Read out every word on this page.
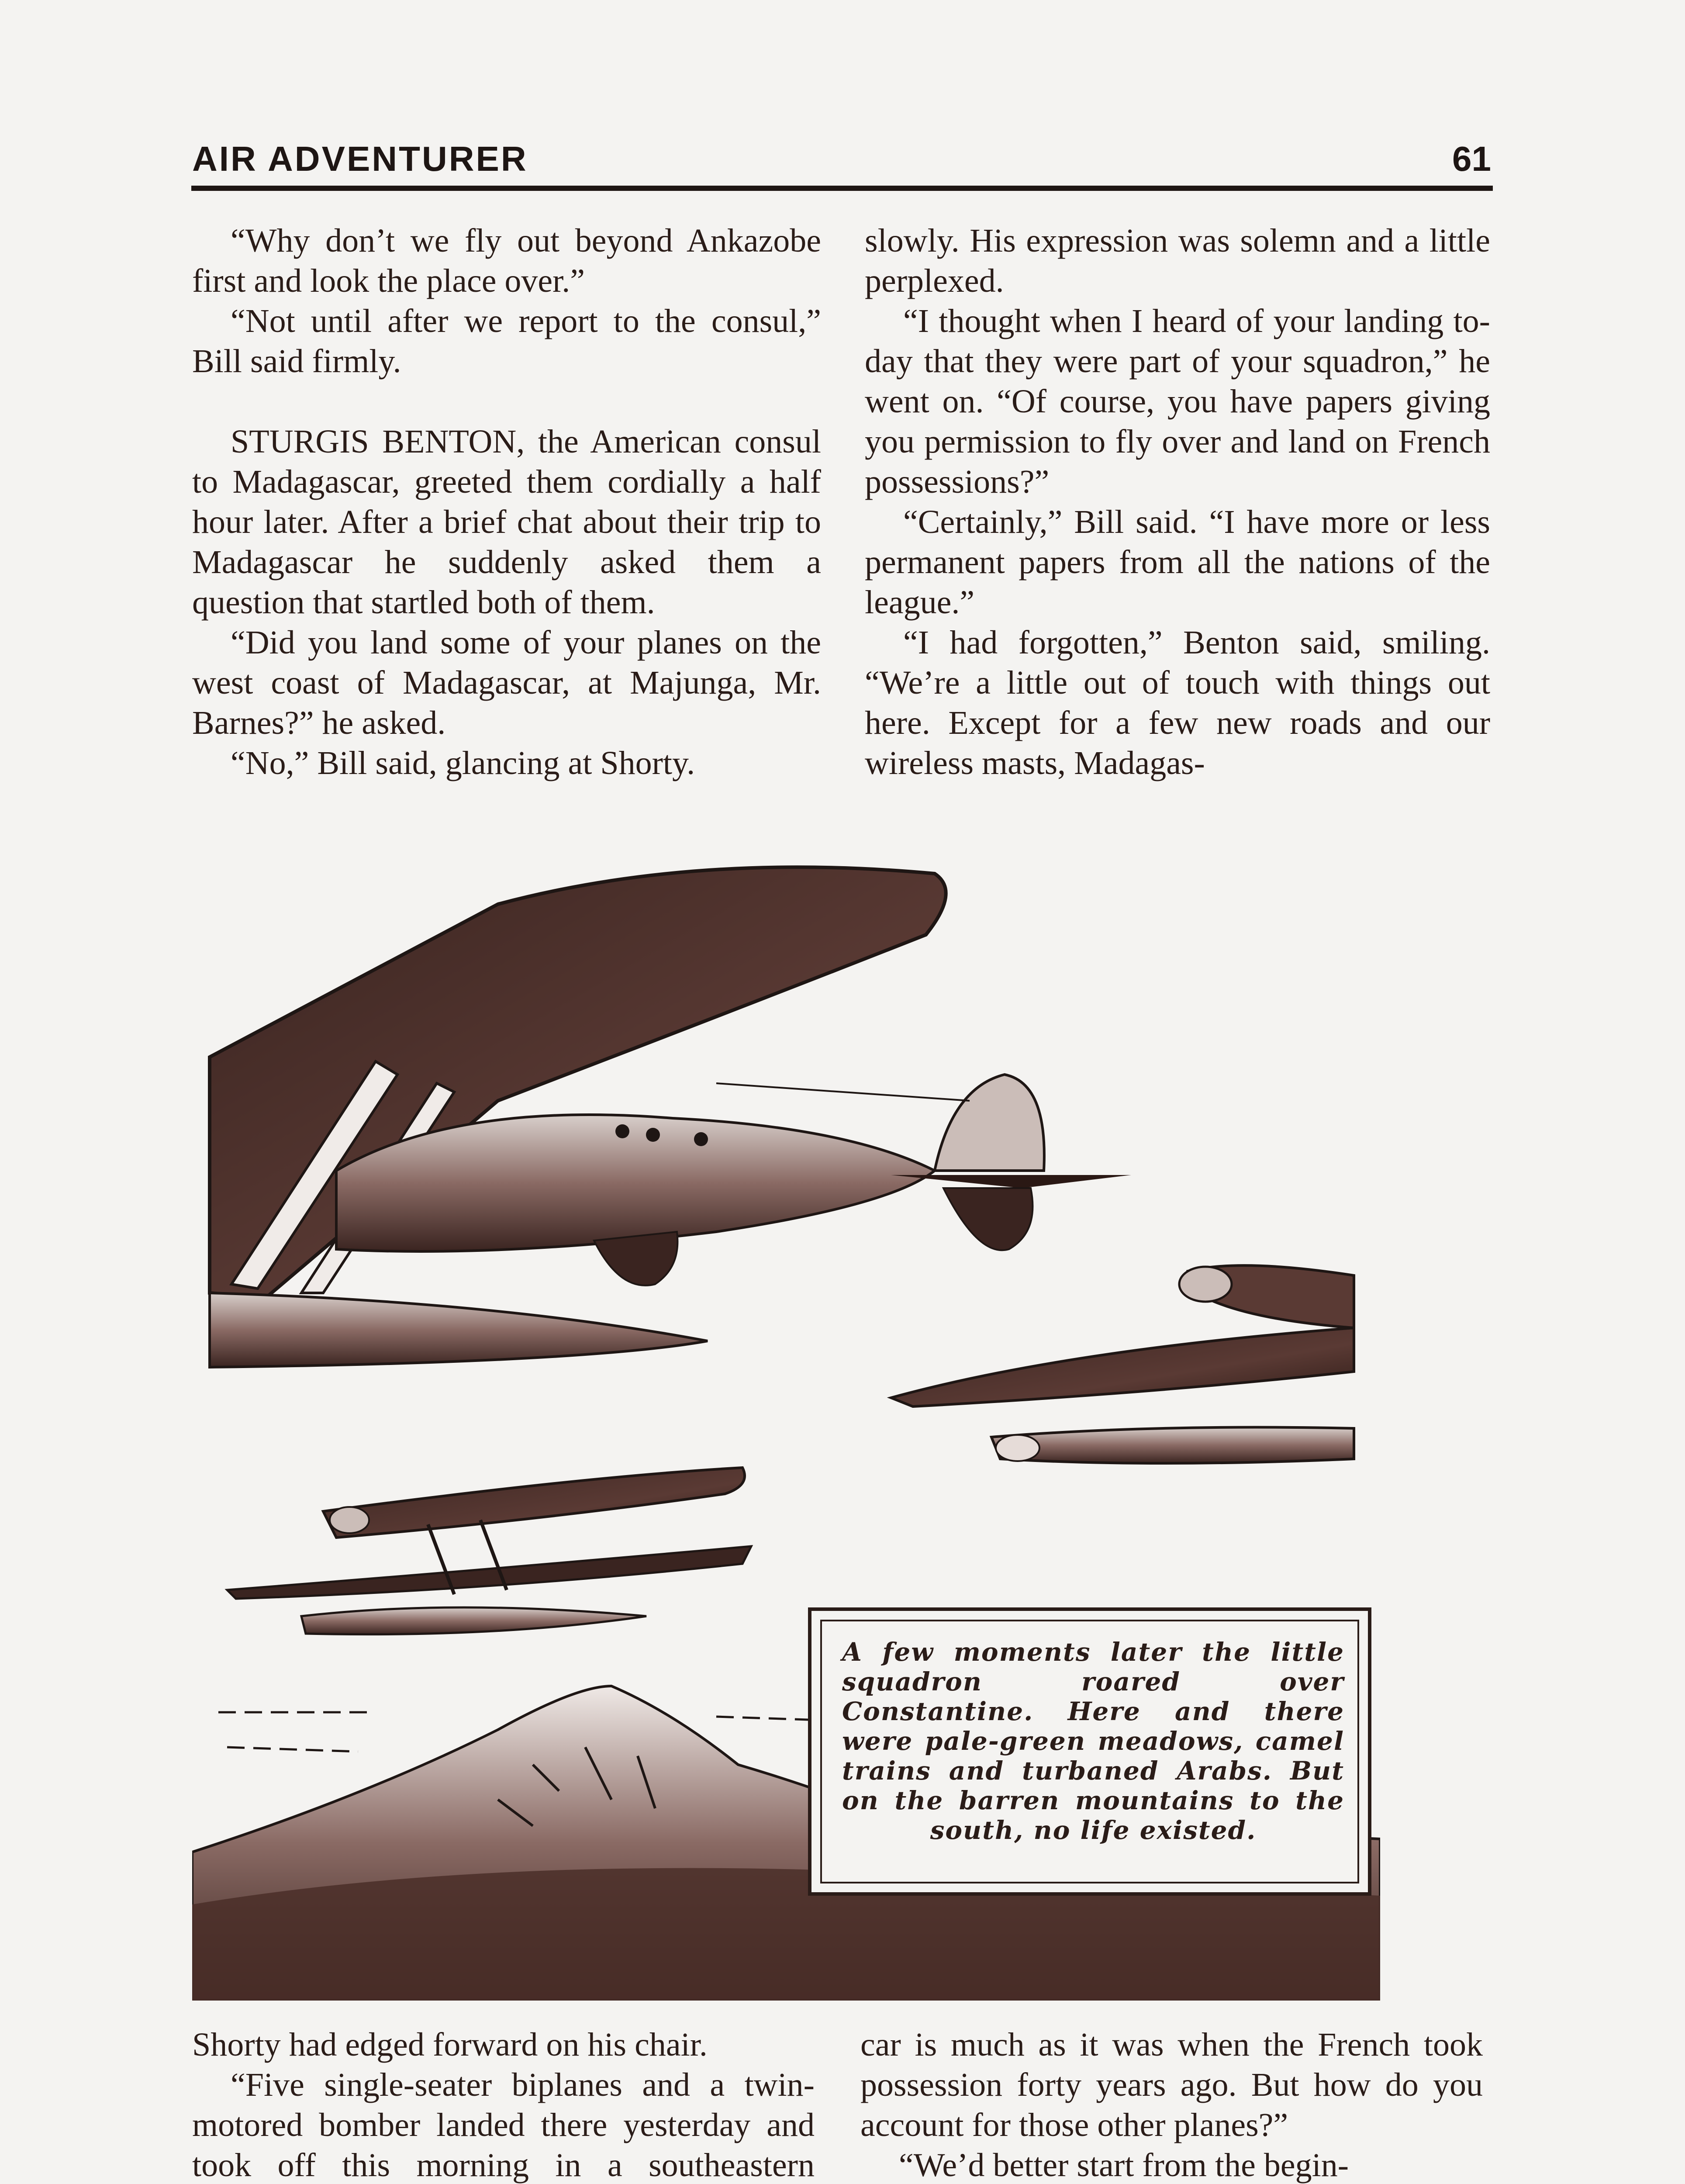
AIR ADVENTURER	61

“Why don’t we fly out beyond Ankazobe first and look the place over.”

“Not until after we report to the consul,” Bill said firmly.

STURGIS BENTON, the American consul to Madagascar, greeted them cordially a half hour later. After a brief chat about their trip to Madagascar he suddenly asked them a question that startled both of them.

“Did you land some of your planes on the west coast of Madagascar, at Majunga, Mr. Barnes?” he asked.

“No,” Bill said, glancing at Shorty.

slowly. His expression was solemn and a little perplexed.

“I thought when I heard of your landing to-day that they were part of your squadron,” he went on. “Of course, you have papers giving you permission to fly over and land on French possessions?”

“Certainly,” Bill said. “I have more or less permanent papers from all the nations of the league.”

“I had forgotten,” Benton said, smiling. “We’re a little out of touch with things out here. Except for a few new roads and our wireless masts, Madagas-

A few moments later the little squadron roared over Constantine. Here and there were pale-green meadows, camel trains and turbaned Arabs. But on the barren mountains to the south, no life existed.

Shorty had edged forward on his chair.

“Five single-seater biplanes and a twin-motored bomber landed there yesterday and took off this morning in a southeastern

car is much as it was when the French took possession forty years ago. But how do you account for those other planes?”

“We’d better start from the begin-
